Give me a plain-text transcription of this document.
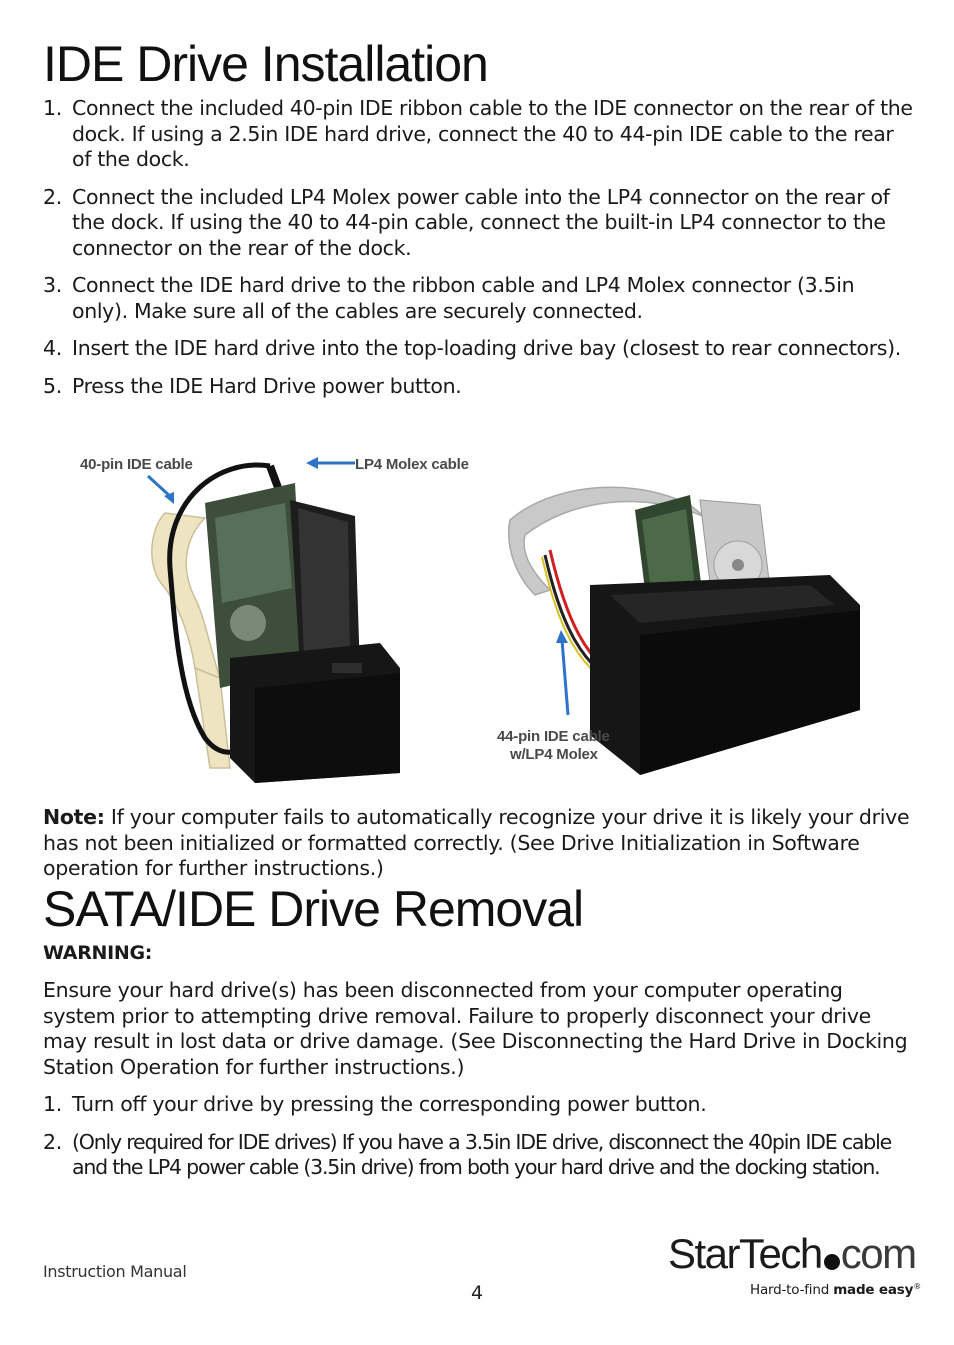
IDE Drive Installation
1. Connect the included 40-pin IDE ribbon cable to the IDE connector on the rear of the dock. If using a 2.5in IDE hard drive, connect the 40 to 44-pin IDE cable to the rear of the dock.
2. Connect the included LP4 Molex power cable into the LP4 connector on the rear of the dock. If using the 40 to 44-pin cable, connect the built-in LP4 connector to the connector on the rear of the dock.
3. Connect the IDE hard drive to the ribbon cable and LP4 Molex connector (3.5in only). Make sure all of the cables are securely connected.
4. Insert the IDE hard drive into the top-loading drive bay (closest to rear connectors).
5. Press the IDE Hard Drive power button.
40-pin IDE cable	LP4 Molex cable
44-pin IDE cable
w/LP4 Molex

Note: If your computer fails to automatically recognize your drive it is likely your drive has not been initialized or formatted correctly. (See Drive Initialization in Software operation for further instructions.)

SATA/IDE Drive Removal

WARNING:

Ensure your hard drive(s) has been disconnected from your computer operating system prior to attempting drive removal. Failure to properly disconnect your drive may result in lost data or drive damage. (See Disconnecting the Hard Drive in Docking Station Operation for further instructions.)

1. Turn off your drive by pressing the corresponding power button.
2. (Only required for IDE drives) If you have a 3.5in IDE drive, disconnect the 40pin IDE cable and the LP4 power cable (3.5in drive) from both your hard drive and the docking station.
Instruction Manual
4
StarTech com
Hard-to-find made easy®
